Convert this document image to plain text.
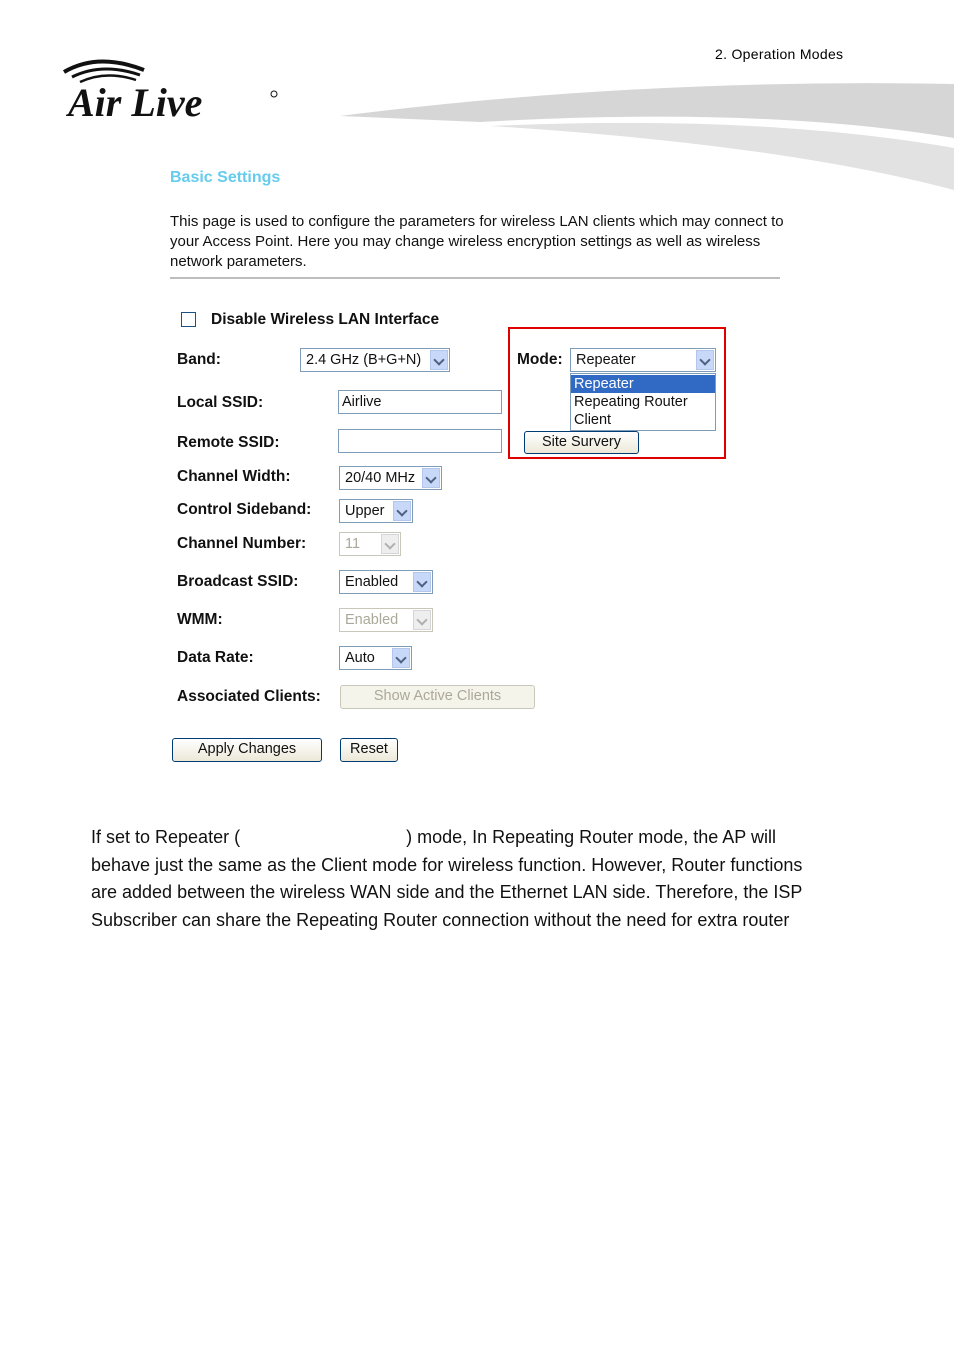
2. Operation Modes
Air Live
Basic Settings
This page is used to configure the parameters for wireless LAN clients which may connect to your Access Point. Here you may change wireless encryption settings as well as wireless network parameters.
Disable Wireless LAN Interface
Band:	2.4 GHz (B+G+N)	Mode: Repeater
Repeater
Repeating Router
Client
Site Survery
Local SSID:	Airlive
Remote SSID:
Channel Width:	20/40 MHz
Control Sideband: Upper
Channel Number:	11
Broadcast SSID:	Enabled
WMM:	Enabled
Data Rate:	Auto
Associated Clients:	Show Active Clients
Apply Changes	Reset
If set to Repeater (	) mode, In Repeating Router mode, the AP will
behave just the same as the Client mode for wireless function. However, Router functions
are added between the wireless WAN side and the Ethernet LAN side. Therefore, the ISP
Subscriber can share the Repeating Router connection without the need for extra router
